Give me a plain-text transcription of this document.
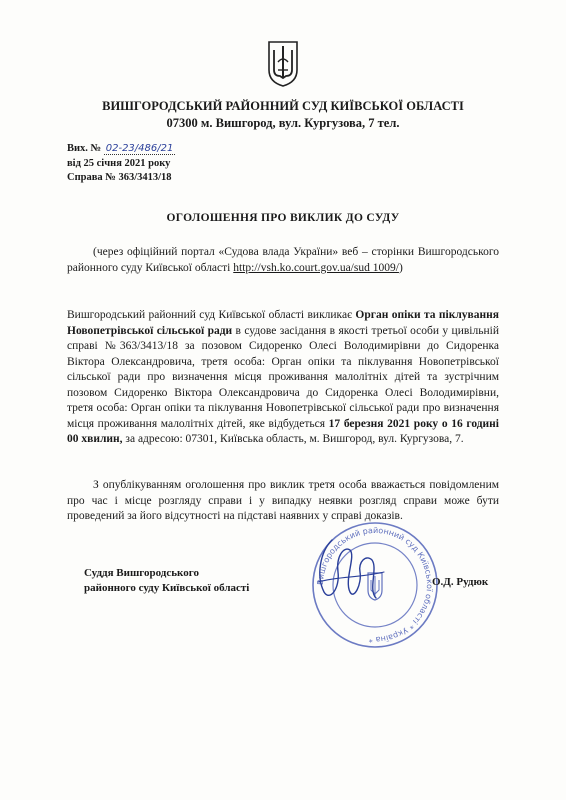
ВИШГОРОДСЬКИЙ РАЙОННИЙ СУД КИЇВСЬКОЇ ОБЛАСТІ
07300 м. Вишгород, вул. Кургузова, 7 тел.
Вих. № 02-23/486/21
від 25 січня 2021 року
Справа № 363/3413/18
ОГОЛОШЕННЯ ПРО ВИКЛИК ДО СУДУ
(через офіційний портал «Судова влада України» веб – сторінки Вишгородського районного суду Київської області http://vsh.ko.court.gov.ua/sud 1009/)
Вишгородський районний суд Київської області викликає Орган опіки та піклування Новопетрівської сільської ради в судове засідання в якості третьої особи у цивільній справі №363/3413/18 за позовом Сидоренко Олесі Володимирівни до Сидоренка Віктора Олександровича, третя особа: Орган опіки та піклування Новопетрівської сільської ради про визначення місця проживання малолітніх дітей та зустрічним позовом Сидоренко Віктора Олександровича до Сидоренка Олесі Володимирівни, третя особа: Орган опіки та піклування Новопетрівської сільської ради про визначення місця проживання малолітніх дітей, яке відбудеться 17 березня 2021 року о 16 годині 00 хвилин, за адресою: 07301, Київська область, м. Вишгород, вул. Кургузова, 7.
З опублікуванням оголошення про виклик третя особа вважається повідомленим про час і місце розгляду справи і у випадку неявки розгляд справи може бути проведений за його відсутності на підставі наявних у справі доказів.
Суддя Вишгородського
районного суду Київської області	Вишгородський районний суд Київської області * Україна *
О.Д. Рудюк
